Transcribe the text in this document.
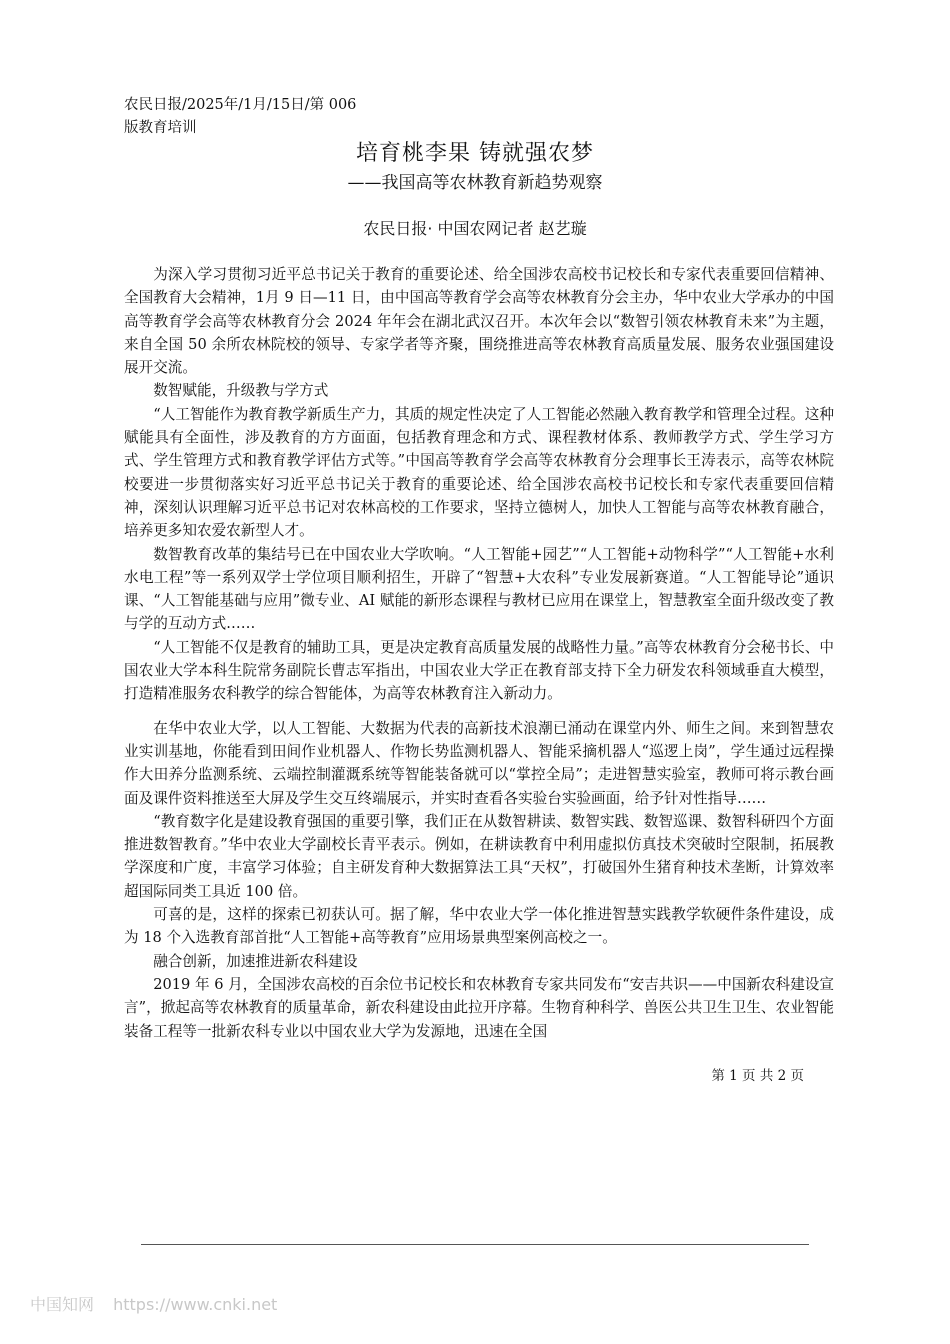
农民日报/2025年/1月/15日/第 006
版教育培训
培育桃李果 铸就强农梦
——我国高等农林教育新趋势观察
农民日报· 中国农网记者 赵艺璇

为深入学习贯彻习近平总书记关于教育的重要论述、给全国涉农高校书记校长和专家代表重要回信精神、全国教育大会精神，1月 9 日—11 日，由中国高等教育学会高等农林教育分会主办，华中农业大学承办的中国高等教育学会高等农林教育分会 2024 年年会在湖北武汉召开。本次年会以“数智引领农林教育未来”为主题，来自全国 50 余所农林院校的领导、专家学者等齐聚，围绕推进高等农林教育高质量发展、服务农业强国建设展开交流。

数智赋能，升级教与学方式

“人工智能作为教育教学新质生产力，其质的规定性决定了人工智能必然融入教育教学和管理全过程。这种赋能具有全面性，涉及教育的方方面面，包括教育理念和方式、课程教材体系、教师教学方式、学生学习方式、学生管理方式和教育教学评估方式等。”中国高等教育学会高等农林教育分会理事长王涛表示，高等农林院校要进一步贯彻落实好习近平总书记关于教育的重要论述、给全国涉农高校书记校长和专家代表重要回信精神，深刻认识理解习近平总书记对农林高校的工作要求，坚持立德树人，加快人工智能与高等农林教育融合，培养更多知农爱农新型人才。

数智教育改革的集结号已在中国农业大学吹响。“人工智能+园艺”“人工智能+动物科学”“人工智能+水利水电工程”等一系列双学士学位项目顺利招生，开辟了“智慧+大农科”专业发展新赛道。“人工智能导论”通识课、“人工智能基础与应用”微专业、AI 赋能的新形态课程与教材已应用在课堂上，智慧教室全面升级改变了教与学的互动方式……

“人工智能不仅是教育的辅助工具，更是决定教育高质量发展的战略性力量。”高等农林教育分会秘书长、中国农业大学本科生院常务副院长曹志军指出，中国农业大学正在教育部支持下全力研发农科领域垂直大模型，打造精准服务农科教学的综合智能体，为高等农林教育注入新动力。

在华中农业大学，以人工智能、大数据为代表的高新技术浪潮已涌动在课堂内外、师生之间。来到智慧农业实训基地，你能看到田间作业机器人、作物长势监测机器人、智能采摘机器人“巡逻上岗”，学生通过远程操作大田养分监测系统、云端控制灌溉系统等智能装备就可以“掌控全局”；走进智慧实验室，教师可将示教台画面及课件资料推送至大屏及学生交互终端展示，并实时查看各实验台实验画面，给予针对性指导……

“教育数字化是建设教育强国的重要引擎，我们正在从数智耕读、数智实践、数智巡课、数智科研四个方面推进数智教育。”华中农业大学副校长青平表示。例如，在耕读教育中利用虚拟仿真技术突破时空限制，拓展教学深度和广度，丰富学习体验；自主研发育种大数据算法工具“天权”，打破国外生猪育种技术垄断，计算效率超国际同类工具近 100 倍。

可喜的是，这样的探索已初获认可。据了解，华中农业大学一体化推进智慧实践教学软硬件条件建设，成为 18 个入选教育部首批“人工智能+高等教育”应用场景典型案例高校之一。

融合创新，加速推进新农科建设

2019 年 6 月，全国涉农高校的百余位书记校长和农林教育专家共同发布“安吉共识——中国新农科建设宣言”，掀起高等农林教育的质量革命，新农科建设由此拉开序幕。生物育种科学、兽医公共卫生卫生、农业智能装备工程等一批新农科专业以中国农业大学为发源地，迅速在全国

第 1 页 共 2 页
中国知网 https://www.cnki.net
